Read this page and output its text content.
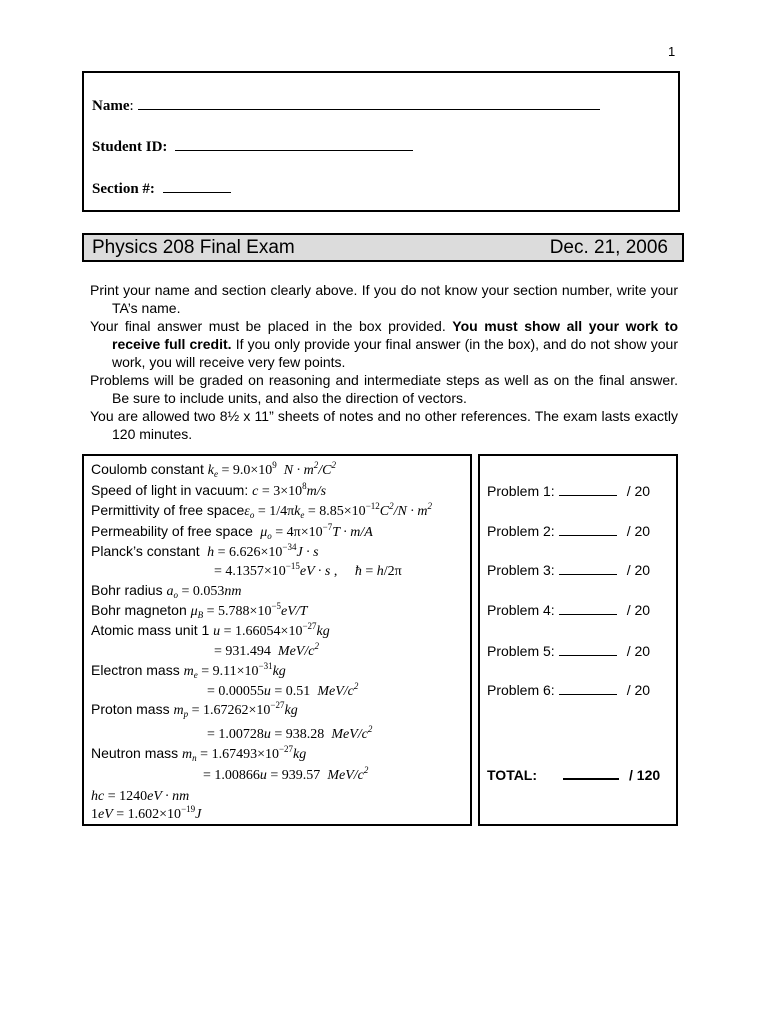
1
Name:
Student ID:
Section #:
Physics 208 Final Exam	Dec. 21, 2006

Print your name and section clearly above. If you do not know your section number, write your TA’s name.

Your final answer must be placed in the box provided. You must show all your work to receive full credit. If you only provide your final answer (in the box), and do not show your work, you will receive very few points.

Problems will be graded on reasoning and intermediate steps as well as on the final answer. Be sure to include units, and also the direction of vectors.

You are allowed two 8½ x 11” sheets of notes and no other references. The exam lasts exactly 120 minutes.

Coulomb constant $k_e = 9.0\times 10^9$ $N \cdot m^2/C^2$
Speed of light in vacuum: $c = 3\times 10^8m/s$
Permittivity of free spaceε$_o$ = $1/4\pi k_e = 8.85\times 10^{-12}C^2/N \cdot m^2$
Permeability of free space $\mu_o = 4\pi\times 10^{-7}T \cdot m/A$
Planck’s constant $h = 6.626\times 10^{-34}J \cdot s$
= $4.1357\times 10^{-15}eV \cdot s$ ,     ħ = h/2π
Bohr radius $a_o = 0.053nm$
Bohr magneton $\mu_B = 5.788\times 10^{-5}eV/T$
Atomic mass unit 1 $u = 1.66054\times 10^{-27}kg$
= 931.494  MeV/$c^2$
Electron mass $m_e = 9.11\times 10^{-31}kg$
= 0.00055u = 0.51  MeV/$c^2$
Proton mass $m_p = 1.67262\times 10^{-27}kg$
= 1.00728u = 938.28  MeV/$c^2$
Neutron mass $m_n = 1.67493\times 10^{-27}kg$
= 1.00866u = 939.57  MeV/$c^2$
hc = 1240eV · nm
$1eV = 1.602\times 10^{-19}J$
Problem 1:	/ 20
Problem 2:	/ 20
Problem 3:	/ 20
Problem 4:	/ 20
Problem 5:	/ 20
Problem 6:	/ 20
TOTAL:	/ 120
